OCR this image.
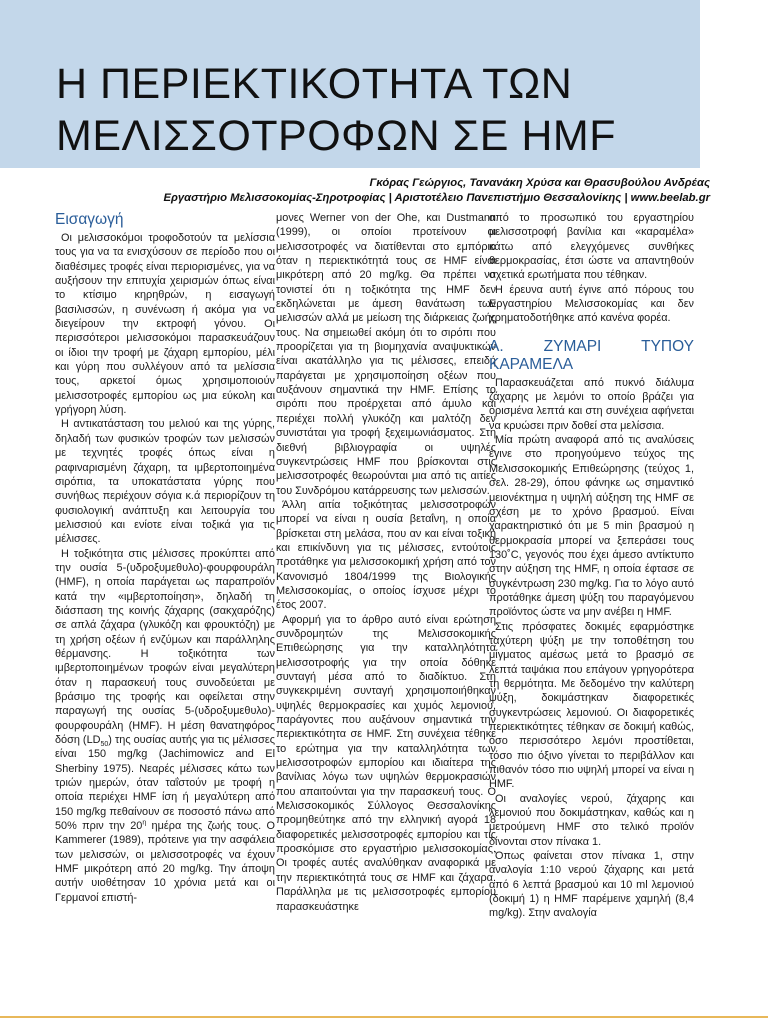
Η ΠΕΡΙΕΚΤΙΚΟΤΗΤΑ ΤΩΝ
ΜΕΛΙΣΣΟΤΡΟΦΩΝ ΣΕ HMF
Γκόρας Γεώργιος, Τανανάκη Χρύσα και Θρασυβούλου Ανδρέας
Εργαστήριο Μελισσοκομίας-Σηροτροφίας | Αριστοτέλειο Πανεπιστήμιο Θεσσαλονίκης | www.beelab.gr
Εισαγωγή

Οι μελισσοκόμοι τροφοδοτούν τα μελίσσια τους για να τα ενισχύσουν σε περίοδο που οι διαθέσιμες τροφές είναι περιορισμένες, για να αυξήσουν την επιτυχία χειρισμών όπως είναι το κτίσιμο κηρηθρών, η εισαγωγή βασιλισσών, η συνένωση ή ακόμα για να διεγείρουν την εκτροφή γόνου. Οι περισσότεροι μελισσοκόμοι παρασκευάζουν οι ίδιοι την τροφή με ζάχαρη εμπορίου, μέλι και γύρη που συλλέγουν από τα μελίσσια τους, αρκετοί όμως χρησιμοποιούν μελισσοτροφές εμπορίου ως μια εύκολη και γρήγορη λύση.

Η αντικατάσταση του μελιού και της γύρης, δηλαδή των φυσικών τροφών των μελισσών με τεχνητές τροφές όπως είναι η ραφιναρισμένη ζάχαρη, τα ιμβερτοποιημένα σιρόπια, τα υποκατάστατα γύρης που συνήθως περιέχουν σόγια κ.ά περιορίζουν τη φυσιολογική ανάπτυξη και λειτουργία του μελισσιού και ενίοτε είναι τοξικά για τις μέλισσες.

Η τοξικότητα στις μέλισσες προκύπτει από την ουσία 5-(υδροξυμεθυλο)-φουρφουράλη (HMF), η οποία παράγεται ως παραπροϊόν κατά την «ιμβερτοποίηση», δηλαδή τη διάσπαση της κοινής ζάχαρης (σακχαρόζης) σε απλά ζάχαρα (γλυκόζη και φρουκτόζη) με τη χρήση οξέων ή ενζύμων και παράλληλης θέρμανσης. Η τοξικότητα των ιμβερτοποιημένων τροφών είναι μεγαλύτερη όταν η παρασκευή τους συνοδεύεται με βράσιμο της τροφής και οφείλεται στην παραγωγή της ουσίας 5-(υδροξυμεθυλο)-φουρφουράλη (HMF). Η μέση θανατηφόρος δόση $(LD_{50})$ της ουσίας αυτής για τις μέλισσες είναι 150 mg/kg (Jachimowicz and El Sherbiny 1975). Νεαρές μέλισσες κάτω των τριών ημερών, όταν ταΐστούν με τροφή η οποία περιέχει HMF ίση ή μεγαλύτερη από 150 mg/kg πεθαίνουν σε ποσοστό πάνω από 50% πριν την $20^\eta$ ημέρα της ζωής τους. Ο Kammerer (1989), πρότεινε για την ασφάλεια των μελισσών, οι μελισσοτροφές να έχουν HMF μικρότερη από 20 mg/kg. Την άποψη αυτήν υιοθέτησαν 10 χρόνια μετά και οι Γερμανοί επιστή-

μονες Werner von der Ohe, και Dustmann (1999), οι οποίοι προτείνουν οι μελισσοτροφές να διατίθενται στο εμπόριο όταν η περιεκτικότητά τους σε HMF είναι μικρότερη από 20 mg/kg. Θα πρέπει να τονιστεί ότι η τοξικότητα της HMF δεν εκδηλώνεται με άμεση θανάτωση των μελισσών αλλά με μείωση της διάρκειας ζωής τους. Να σημειωθεί ακόμη ότι το σιρόπι που προορίζεται για τη βιομηχανία αναψυκτικών είναι ακατάλληλο για τις μέλισσες, επειδή παράγεται με χρησιμοποίηση οξέων που αυξάνουν σημαντικά την HMF. Επίσης το σιρόπι που προέρχεται από άμυλο και περιέχει πολλή γλυκόζη και μαλτόζη δεν συνιστάται για τροφή ξεχειμωνιάσματος. Στη διεθνή βιβλιογραφία οι υψηλές συγκεντρώσεις HMF που βρίσκονται στις μελισσοτροφές θεωρούνται μια από τις αιτίες του Συνδρόμου κατάρρευσης των μελισσών.

Άλλη αιτία τοξικότητας μελισσοτροφών μπορεί να είναι η ουσία βεταΐνη, η οποία βρίσκεται στη μελάσα, που αν και είναι τοξική και επικίνδυνη για τις μέλισσες, εντούτοις προτάθηκε για μελισσοκομική χρήση από τον Κανονισμό 1804/1999 της Βιολογικής Μελισσοκομίας, ο οποίος ίσχυσε μέχρι το έτος 2007.

Αφορμή για το άρθρο αυτό είναι ερώτηση συνδρομητών της Μελισσοκομικής Επιθεώρησης για την καταλληλότητα μελισσοτροφής για την οποία δόθηκε συνταγή μέσα από το διαδίκτυο. Στη συγκεκριμένη συνταγή χρησιμοποιήθηκαν υψηλές θερμοκρασίες και χυμός λεμονιού, παράγοντες που αυξάνουν σημαντικά την περιεκτικότητα σε HMF. Στη συνέχεια τέθηκε το ερώτημα για την καταλληλότητα των μελισσοτροφών εμπορίου και ιδιαίτερα της βανίλιας λόγω των υψηλών θερμοκρασιών που απαιτούνται για την παρασκευή τους. Ο Μελισσοκομικός Σύλλογος Θεσσαλονίκης προμηθεύτηκε από την ελληνική αγορά 18 διαφορετικές μελισσοτροφές εμπορίου και τις προσκόμισε στο εργαστήριο μελισσοκομίας. Οι τροφές αυτές αναλύθηκαν αναφορικά με την περιεκτικότητά τους σε HMF και ζάχαρα. Παράλληλα με τις μελισσοτροφές εμπορίου παρασκευάστηκε

από το προσωπικό του εργαστηρίου μελισσοτροφή βανίλια και «καραμέλα» κάτω από ελεγχόμενες συνθήκες θερμοκρασίας, έτσι ώστε να απαντηθούν σχετικά ερωτήματα που τέθηκαν.

Η έρευνα αυτή έγινε από πόρους του Εργαστηρίου Μελισσοκομίας και δεν χρηματοδοτήθηκε από κανένα φορέα.

Α. ΖΥΜΑΡΙ ΤΥΠΟΥ ΚΑΡΑΜΕΛΑ

Παρασκευάζεται από πυκνό διάλυμα ζάχαρης με λεμόνι το οποίο βράζει για ορισμένα λεπτά και στη συνέχεια αφήνεται να κρυώσει πριν δοθεί στα μελίσσια.

Μία πρώτη αναφορά από τις αναλύσεις έγινε στο προηγούμενο τεύχος της Μελισσοκομικής Επιθεώρησης (τεύχος 1, σελ. 28-29), όπου φάνηκε ως σημαντικό μειονέκτημα η υψηλή αύξηση της HMF σε σχέση με το χρόνο βρασμού. Είναι χαρακτηριστικό ότι με 5 min βρασμού η θερμοκρασία μπορεί να ξεπεράσει τους 130˚C, γεγονός που έχει άμεσο αντίκτυπο στην αύξηση της HMF, η οποία έφτασε σε συγκέντρωση 230 mg/kg. Για το λόγο αυτό προτάθηκε άμεση ψύξη του παραγόμενου προϊόντος ώστε να μην ανέβει η HMF.

Στις πρόσφατες δοκιμές εφαρμόστηκε ταχύτερη ψύξη με την τοποθέτηση του μίγματος αμέσως μετά το βρασμό σε λεπτά ταψάκια που επάγουν γρηγορότερα τη θερμότητα. Με δεδομένο την καλύτερη ψύξη, δοκιμάστηκαν διαφορετικές συγκεντρώσεις λεμονιού. Οι διαφορετικές περιεκτικότητες τέθηκαν σε δοκιμή καθώς, όσο περισσότερο λεμόνι προστίθεται, τόσο πιο όξινο γίνεται το περιβάλλον και πιθανόν τόσο πιο υψηλή μπορεί να είναι η HMF.

Οι αναλογίες νερού, ζάχαρης και λεμονιού που δοκιμάστηκαν, καθώς και η μετρούμενη HMF στο τελικό προϊόν δίνονται στον πίνακα 1.

Όπως φαίνεται στον πίνακα 1, στην αναλογία 1:10 νερού ζάχαρης και μετά από 6 λεπτά βρασμού και 10 ml λεμονιού (δοκιμή 1) η HMF παρέμεινε χαμηλή (8,4 mg/kg). Στην αναλογία
